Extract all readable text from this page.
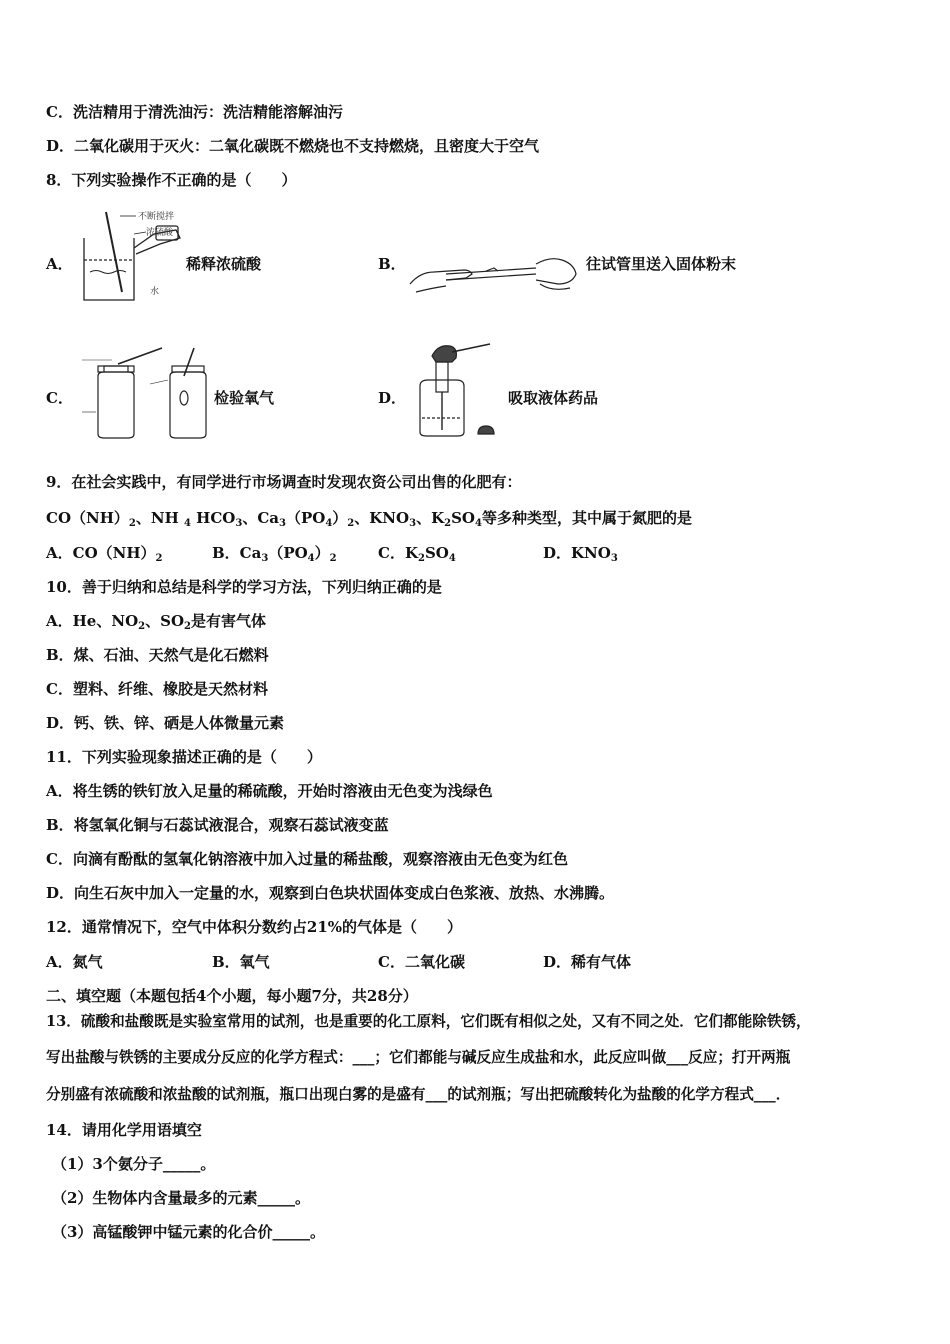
C．洗洁精用于清洗油污：洗洁精能溶解油污
D．二氧化碳用于灭火：二氧化碳既不燃烧也不支持燃烧，且密度大于空气
8．下列实验操作不正确的是（　　）
A．
不断搅拌
浓硫酸
水
稀释浓硫酸	B．	往试管里送入固体粉末
C．	检验氧气	D．	吸取液体药品
9．在社会实践中，有同学进行市场调查时发现农资公司出售的化肥有：
$CO(NH)_2$、NH $_4$ $HCO_3$、$Ca_3(PO_4)_2$、$KNO_3$、$K_2SO_4$等多种类型，其中属于氮肥的是
A．$CO(NH)_2$	B．$Ca_3(PO_4)_2$	C．$K_2SO_4$	D．$KNO_3$
10．善于归纳和总结是科学的学习方法，下列归纳正确的是
A．He、$NO_2$、$SO_2$是有害气体
B．煤、石油、天然气是化石燃料
C．塑料、纤维、橡胶是天然材料
D．钙、铁、锌、硒是人体微量元素
11．下列实验现象描述正确的是（　　）
A．将生锈的铁钉放入足量的稀硫酸，开始时溶液由无色变为浅绿色
B．将氢氧化铜与石蕊试液混合，观察石蕊试液变蓝
C．向滴有酚酞的氢氧化钠溶液中加入过量的稀盐酸，观察溶液由无色变为红色
D．向生石灰中加入一定量的水，观察到白色块状固体变成白色浆液、放热、水沸腾。
12．通常情况下，空气中体积分数约占21%的气体是（　　）
A．氮气	B．氧气	C．二氧化碳	D．稀有气体
二、填空题（本题包括4个小题，每小题7分，共28分）
13．硫酸和盐酸既是实验室常用的试剂，也是重要的化工原料，它们既有相似之处，又有不同之处．它们都能除铁锈，
写出盐酸与铁锈的主要成分反应的化学方程式：___；它们都能与碱反应生成盐和水，此反应叫做___反应；打开两瓶
分别盛有浓硫酸和浓盐酸的试剂瓶，瓶口出现白雾的是盛有___的试剂瓶；写出把硫酸转化为盐酸的化学方程式___．
14．请用化学用语填空
（1）3个氨分子_____。
（2）生物体内含量最多的元素_____。
（3）高锰酸钾中锰元素的化合价_____。
